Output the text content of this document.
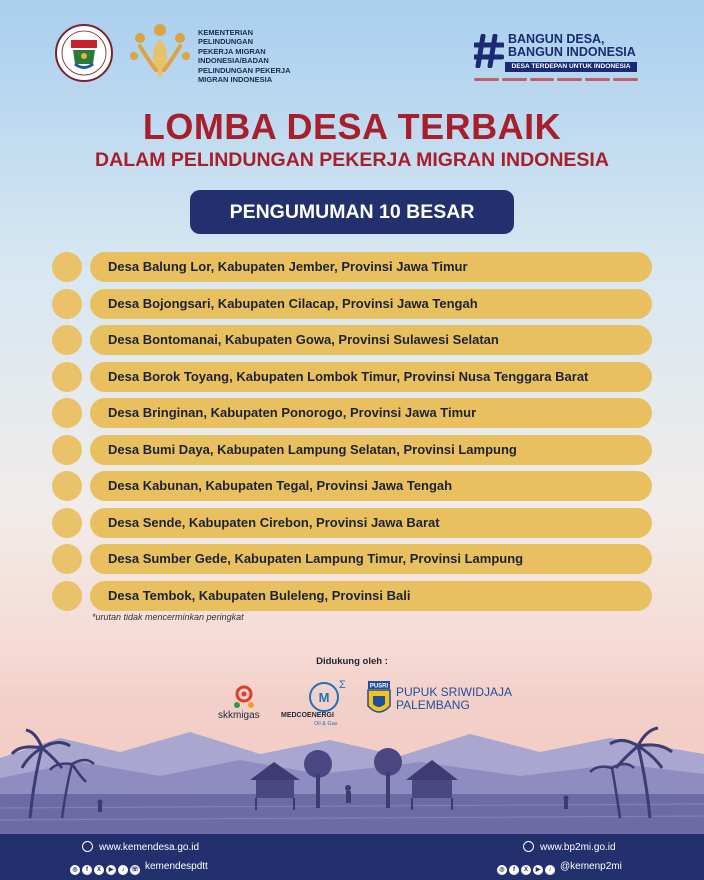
KEMENTERIAN
PELINDUNGAN
PEKERJA MIGRAN
INDONESIA/BADAN
PELINDUNGAN PEKERJA
MIGRAN INDONESIA
BANGUN DESA,
BANGUN INDONESIA
DESA TERDEPAN UNTUK INDONESIA
LOMBA DESA TERBAIK
DALAM PELINDUNGAN PEKERJA MIGRAN INDONESIA
PENGUMUMAN 10 BESAR
Desa Balung Lor, Kabupaten Jember, Provinsi Jawa Timur
Desa Bojongsari, Kabupaten Cilacap, Provinsi Jawa Tengah
Desa Bontomanai, Kabupaten Gowa, Provinsi Sulawesi Selatan
Desa Borok Toyang, Kabupaten Lombok Timur, Provinsi Nusa Tenggara Barat
Desa Bringinan, Kabupaten Ponorogo, Provinsi Jawa Timur
Desa Bumi Daya, Kabupaten Lampung Selatan, Provinsi Lampung
Desa Kabunan, Kabupaten Tegal, Provinsi Jawa Tengah
Desa Sende, Kabupaten Cirebon, Provinsi Jawa Barat
Desa Sumber Gede, Kabupaten Lampung Timur, Provinsi Lampung
Desa Tembok, Kabupaten Buleleng, Provinsi Bali
*urutan tidak mencerminkan peringkat
Didukung oleh :
skkmigas
M
Σ
MEDCOENERGI
Oil & Gas
PUSRI PUPUK SRIWIDJAJA
PALEMBANG
www.kemendesa.go.id
◎	f	X	▶	♪	☏ kemendespdtt
www.bp2mi.go.id
◎	f	X	▶	♪ @kemenp2mi
